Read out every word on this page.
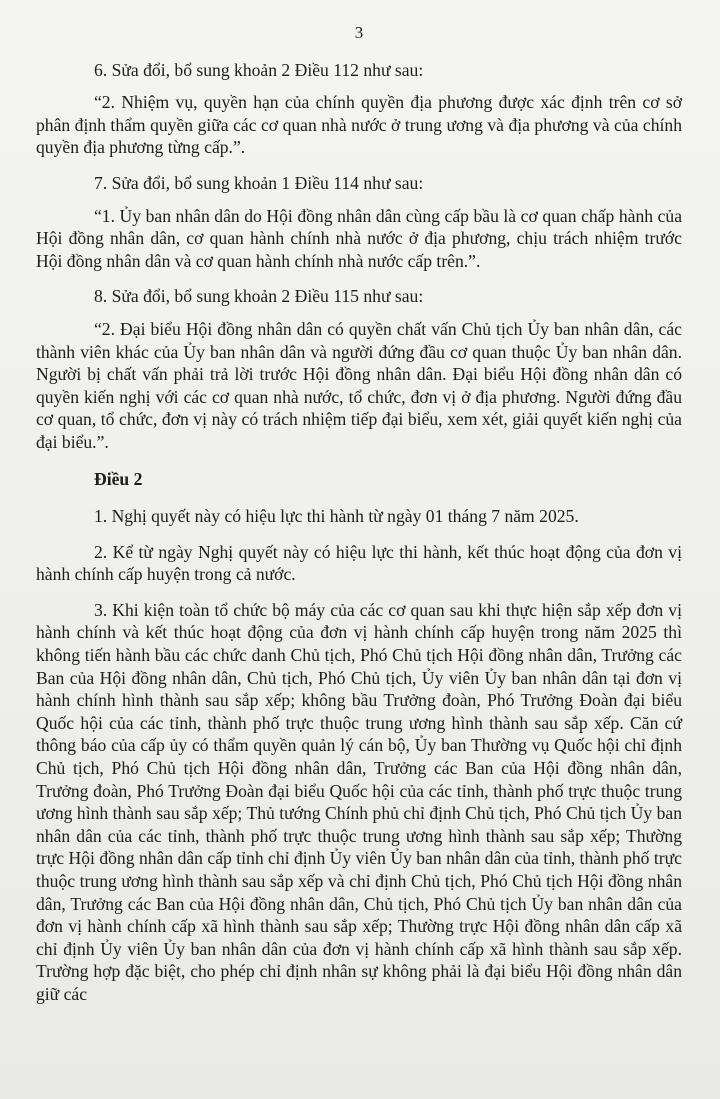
3

6. Sửa đổi, bổ sung khoản 2 Điều 112 như sau:

“2. Nhiệm vụ, quyền hạn của chính quyền địa phương được xác định trên cơ sở phân định thẩm quyền giữa các cơ quan nhà nước ở trung ương và địa phương và của chính quyền địa phương từng cấp.”.

7. Sửa đổi, bổ sung khoản 1 Điều 114 như sau:

“1. Ủy ban nhân dân do Hội đồng nhân dân cùng cấp bầu là cơ quan chấp hành của Hội đồng nhân dân, cơ quan hành chính nhà nước ở địa phương, chịu trách nhiệm trước Hội đồng nhân dân và cơ quan hành chính nhà nước cấp trên.”.

8. Sửa đổi, bổ sung khoản 2 Điều 115 như sau:

“2. Đại biểu Hội đồng nhân dân có quyền chất vấn Chủ tịch Ủy ban nhân dân, các thành viên khác của Ủy ban nhân dân và người đứng đầu cơ quan thuộc Ủy ban nhân dân. Người bị chất vấn phải trả lời trước Hội đồng nhân dân. Đại biểu Hội đồng nhân dân có quyền kiến nghị với các cơ quan nhà nước, tổ chức, đơn vị ở địa phương. Người đứng đầu cơ quan, tổ chức, đơn vị này có trách nhiệm tiếp đại biểu, xem xét, giải quyết kiến nghị của đại biểu.”.

Điều 2

1. Nghị quyết này có hiệu lực thi hành từ ngày 01 tháng 7 năm 2025.

2. Kể từ ngày Nghị quyết này có hiệu lực thi hành, kết thúc hoạt động của đơn vị hành chính cấp huyện trong cả nước.

3. Khi kiện toàn tổ chức bộ máy của các cơ quan sau khi thực hiện sắp xếp đơn vị hành chính và kết thúc hoạt động của đơn vị hành chính cấp huyện trong năm 2025 thì không tiến hành bầu các chức danh Chủ tịch, Phó Chủ tịch Hội đồng nhân dân, Trưởng các Ban của Hội đồng nhân dân, Chủ tịch, Phó Chủ tịch, Ủy viên Ủy ban nhân dân tại đơn vị hành chính hình thành sau sắp xếp; không bầu Trưởng đoàn, Phó Trưởng Đoàn đại biểu Quốc hội của các tỉnh, thành phố trực thuộc trung ương hình thành sau sắp xếp. Căn cứ thông báo của cấp ủy có thẩm quyền quản lý cán bộ, Ủy ban Thường vụ Quốc hội chỉ định Chủ tịch, Phó Chủ tịch Hội đồng nhân dân, Trưởng các Ban của Hội đồng nhân dân, Trưởng đoàn, Phó Trưởng Đoàn đại biểu Quốc hội của các tỉnh, thành phố trực thuộc trung ương hình thành sau sắp xếp; Thủ tướng Chính phủ chỉ định Chủ tịch, Phó Chủ tịch Ủy ban nhân dân của các tỉnh, thành phố trực thuộc trung ương hình thành sau sắp xếp; Thường trực Hội đồng nhân dân cấp tỉnh chỉ định Ủy viên Ủy ban nhân dân của tỉnh, thành phố trực thuộc trung ương hình thành sau sắp xếp và chỉ định Chủ tịch, Phó Chủ tịch Hội đồng nhân dân, Trưởng các Ban của Hội đồng nhân dân, Chủ tịch, Phó Chủ tịch Ủy ban nhân dân của đơn vị hành chính cấp xã hình thành sau sắp xếp; Thường trực Hội đồng nhân dân cấp xã chỉ định Ủy viên Ủy ban nhân dân của đơn vị hành chính cấp xã hình thành sau sắp xếp. Trường hợp đặc biệt, cho phép chỉ định nhân sự không phải là đại biểu Hội đồng nhân dân giữ các
